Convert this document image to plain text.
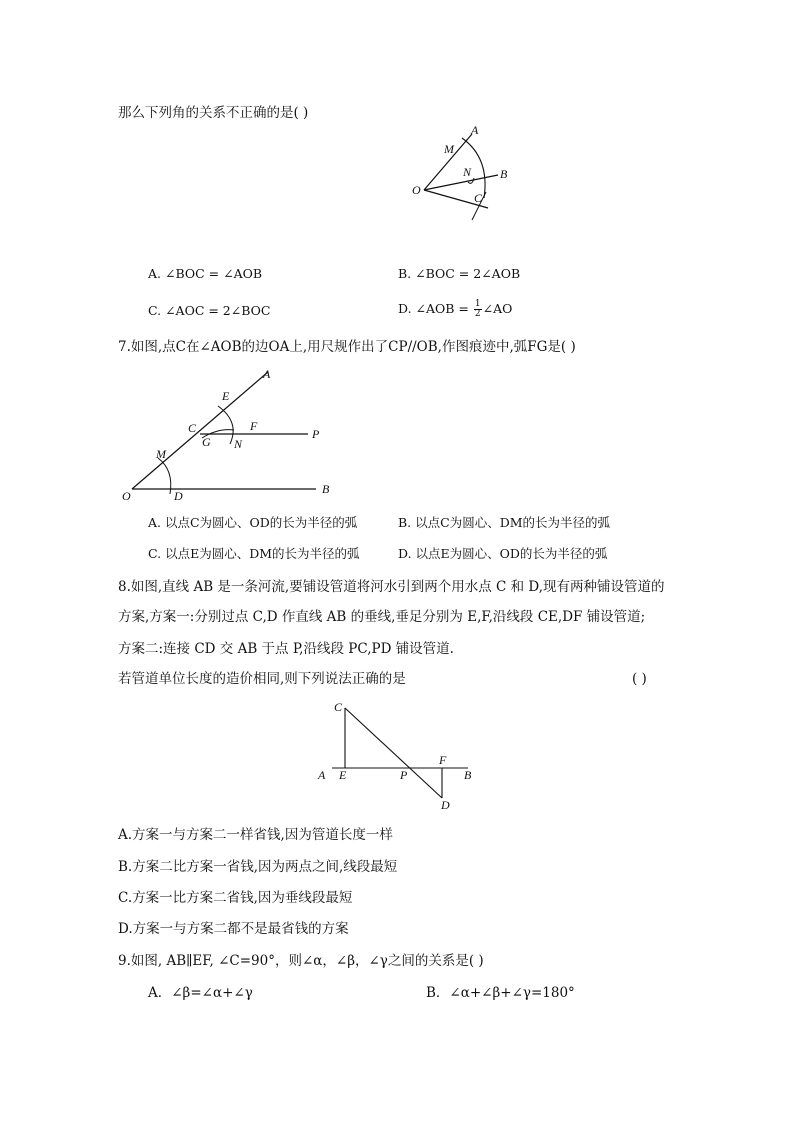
那么下列角的关系不正确的是( )
A
M
N B
O
C
A. ∠BOC = ∠AOB	B. ∠BOC = 2∠AOB
C. ∠AOC = 2∠BOC	D. ∠AOB = $\frac{1}{2}$ ∠AO
7.如图,点C在∠AOB的边OA上,用尺规作出了CP//OB,作图痕迹中,弧FG是( )
A
E
C	F
P
G N
M
O	D	B
A. 以点C为圆心、OD的长为半径的弧	B. 以点C为圆心、DM的长为半径的弧
C. 以点E为圆心、DM的长为半径的弧	D. 以点E为圆心、OD的长为半径的弧
8.如图,直线 AB 是一条河流,要铺设管道将河水引到两个用水点 C 和 D,现有两种铺设管道的
方案,方案一:分别过点 C,D 作直线 AB 的垂线,垂足分别为 E,F,沿线段 CE,DF 铺设管道;
方案二:连接 CD 交 AB 于点 P,沿线段 PC,PD 铺设管道.
若管道单位长度的造价相同,则下列说法正确的是	( )
C
A E	P
F
B
D
A.方案一与方案二一样省钱,因为管道长度一样
B.方案二比方案一省钱,因为两点之间,线段最短
C.方案一比方案二省钱,因为垂线段最短
D.方案一与方案二都不是最省钱的方案
9.如图, AB∥EF, ∠C=90°，则∠α，∠β，∠γ之间的关系是( )
A．∠β=∠α+∠γ	B．∠α+∠β+∠γ=180°
